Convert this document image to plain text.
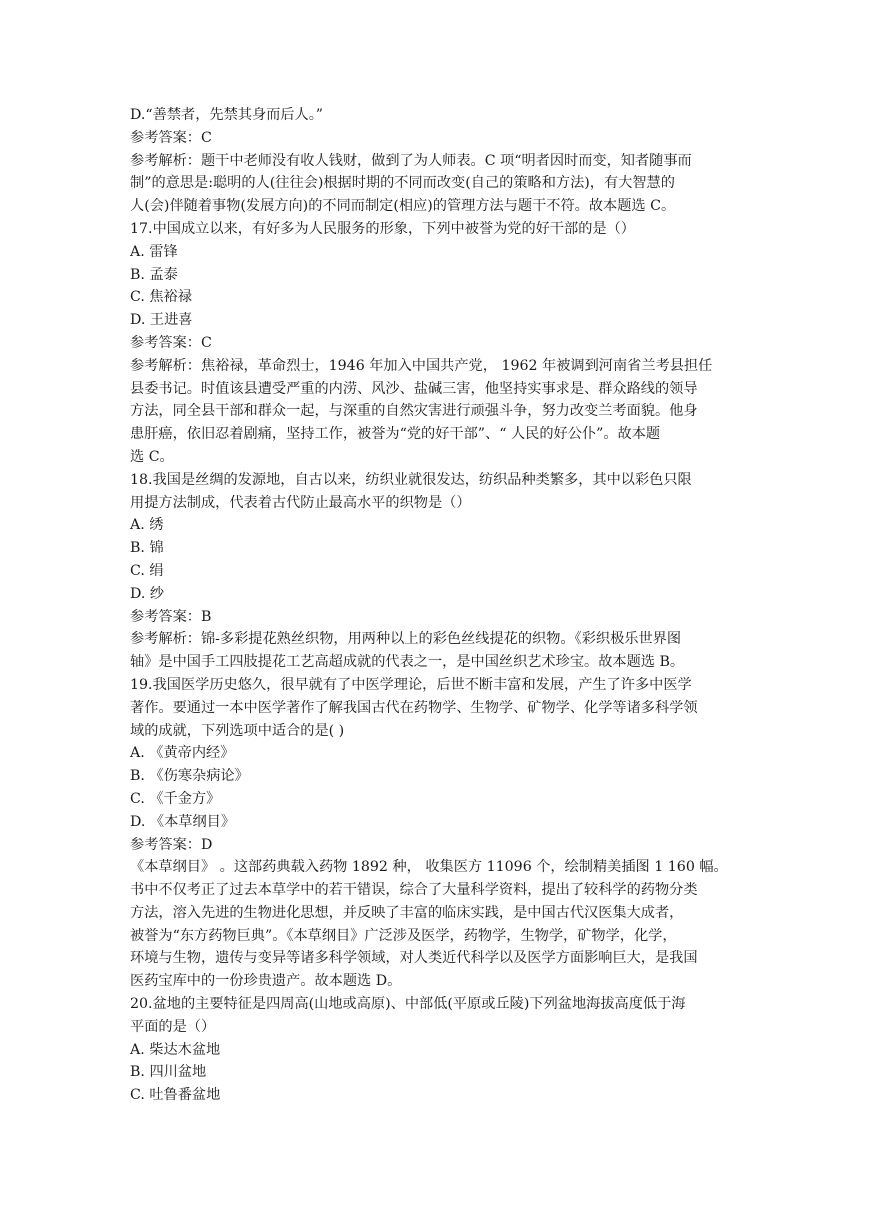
D.“善禁者，先禁其身而后人。”
参考答案：C
参考解析：题干中老师没有收人钱财，做到了为人师表。C 项“明者因时而变，知者随事而
制”的意思是:聪明的人(往往会)根据时期的不同而改变(自己的策略和方法)，有大智慧的
人(会)伴随着事物(发展方向)的不同而制定(相应)的管理方法与题干不符。故本题选 C。
17.中国成立以来，有好多为人民服务的形象，下列中被誉为党的好干部的是（）
A. 雷锋
B. 孟泰
C. 焦裕禄
D. 王进喜
参考答案：C
参考解析：焦裕禄，革命烈士，1946 年加入中国共产党， 1962 年被调到河南省兰考县担任
县委书记。时值该县遭受严重的内涝、风沙、盐碱三害，他坚持实事求是、群众路线的领导
方法，同全县干部和群众一起，与深重的自然灾害进行顽强斗争，努力改变兰考面貌。他身
患肝癌，依旧忍着剧痛，坚持工作，被誉为“党的好干部”、“ 人民的好公仆”。故本题
选 C。
18.我国是丝绸的发源地，自古以来，纺织业就很发达，纺织品种类繁多，其中以彩色只限
用提方法制成，代表着古代防止最高水平的织物是（）
A. 绣
B. 锦
C. 绢
D. 纱
参考答案：B
参考解析：锦-多彩提花熟丝织物，用两种以上的彩色丝线提花的织物。《彩织极乐世界图
轴》是中国手工四肢提花工艺高超成就的代表之一，是中国丝织艺术珍宝。故本题选 B。
19.我国医学历史悠久，很早就有了中医学理论，后世不断丰富和发展，产生了许多中医学
著作。要通过一本中医学著作了解我国古代在药物学、生物学、矿物学、化学等诸多科学领
域的成就，下列选项中适合的是( )
A. 《黄帝内经》
B. 《伤寒杂病论》
C. 《千金方》
D. 《本草纲目》
参考答案：D
《本草纲目》 。这部药典载入药物 1892 种， 收集医方 11096 个，绘制精美插图 1 160 幅。
书中不仅考正了过去本草学中的若干错误，综合了大量科学资料，提出了较科学的药物分类
方法，溶入先进的生物进化思想，并反映了丰富的临床实践，是中国古代汉医集大成者，
被誉为“东方药物巨典”。《本草纲目》广泛涉及医学，药物学，生物学，矿物学，化学，
环境与生物，遗传与变异等诸多科学领域，对人类近代科学以及医学方面影响巨大，是我国
医药宝库中的一份珍贵遗产。故本题选 D。
20.盆地的主要特征是四周高(山地或高原)、中部低(平原或丘陵)下列盆地海拔高度低于海
平面的是（）
A. 柴达木盆地
B. 四川盆地
C. 吐鲁番盆地
